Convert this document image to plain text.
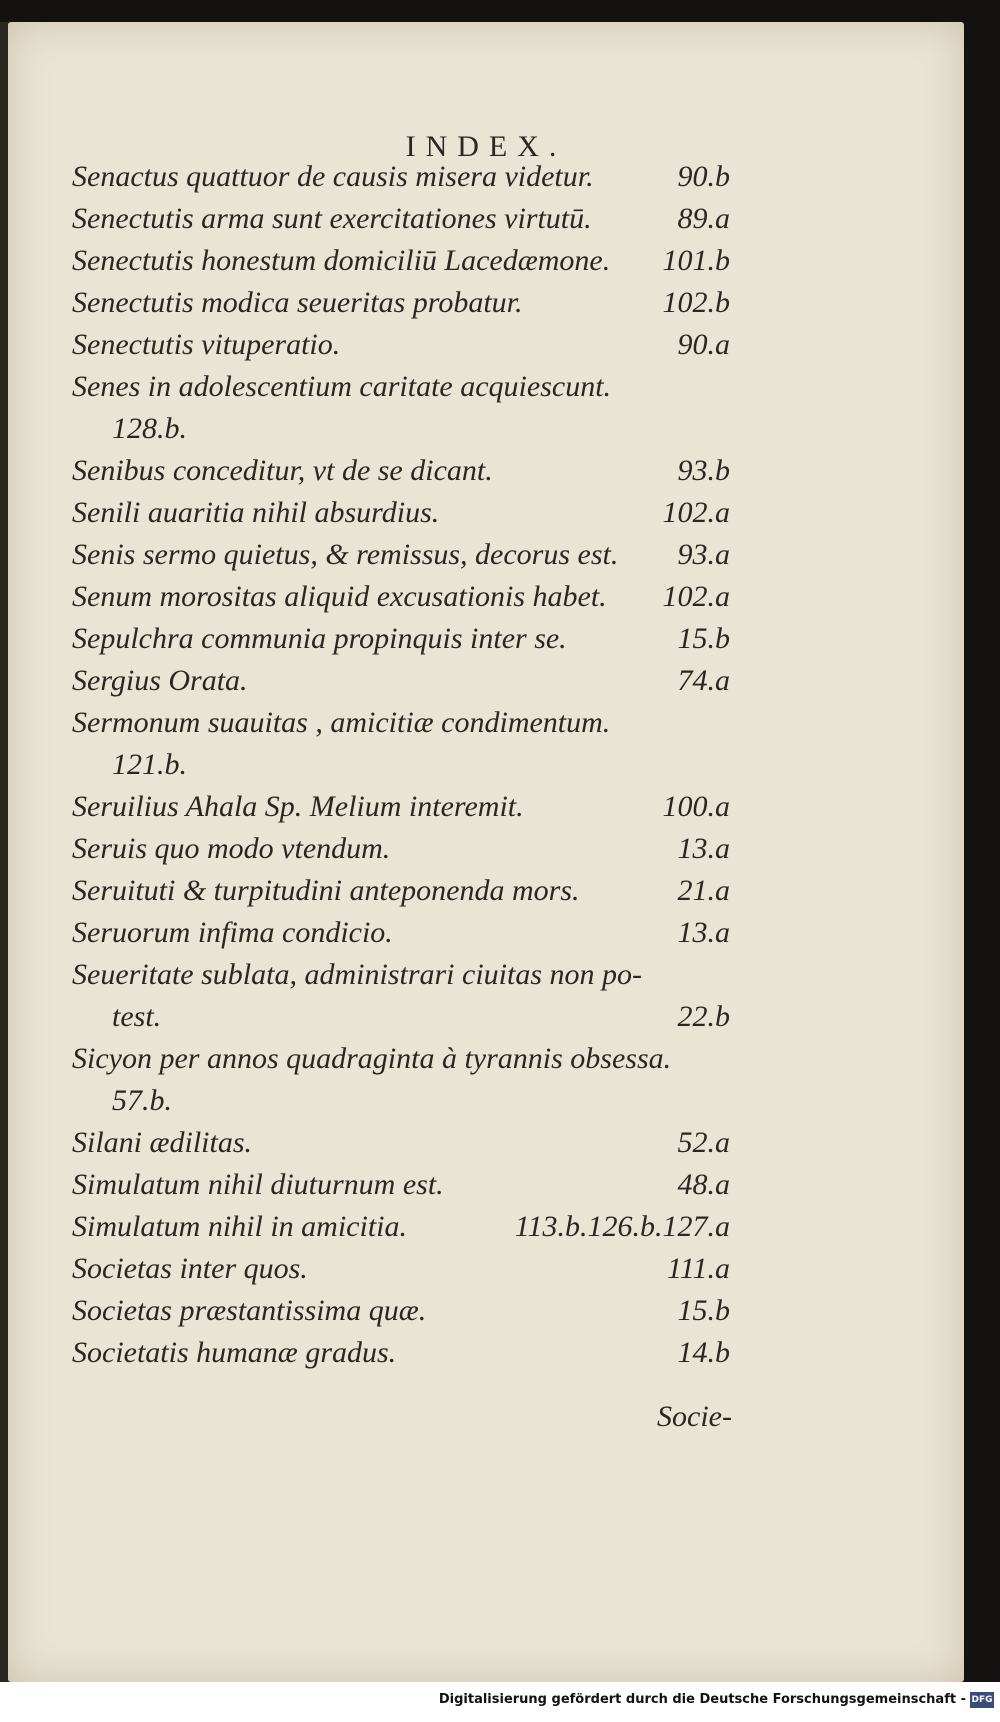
INDEX.
Senactus quattuor de causis misera videtur.	90.b
Senectutis arma sunt exercitationes virtutū.	89.a
Senectutis honestum domiciliū Lacedæmone.	101.b
Senectutis modica seueritas probatur.	102.b
Senectutis vituperatio.	90.a
Senes in adolescentium caritate acquiescunt.
128.b.
Senibus conceditur, vt de se dicant.	93.b
Senili auaritia nihil absurdius.	102.a
Senis sermo quietus, & remissus, decorus est.	93.a
Senum morositas aliquid excusationis habet.	102.a
Sepulchra communia propinquis inter se.	15.b
Sergius Orata.	74.a
Sermonum suauitas , amicitiæ condimentum.
121.b.
Seruilius Ahala Sp. Melium interemit.	100.a
Seruis quo modo vtendum.	13.a
Seruituti & turpitudini anteponenda mors.	21.a
Seruorum infima condicio.	13.a
Seueritate sublata, administrari ciuitas non po-
test.	22.b
Sicyon per annos quadraginta à tyrannis obsessa.
57.b.
Silani ædilitas.	52.a
Simulatum nihil diuturnum est.	48.a
Simulatum nihil in amicitia.	113.b.126.b.127.a
Societas inter quos.	111.a
Societas præstantissima quæ.	15.b
Societatis humanæ gradus.	14.b
Socie-
Digitalisierung gefördert durch die Deutsche Forschungsgemeinschaft - DFG
